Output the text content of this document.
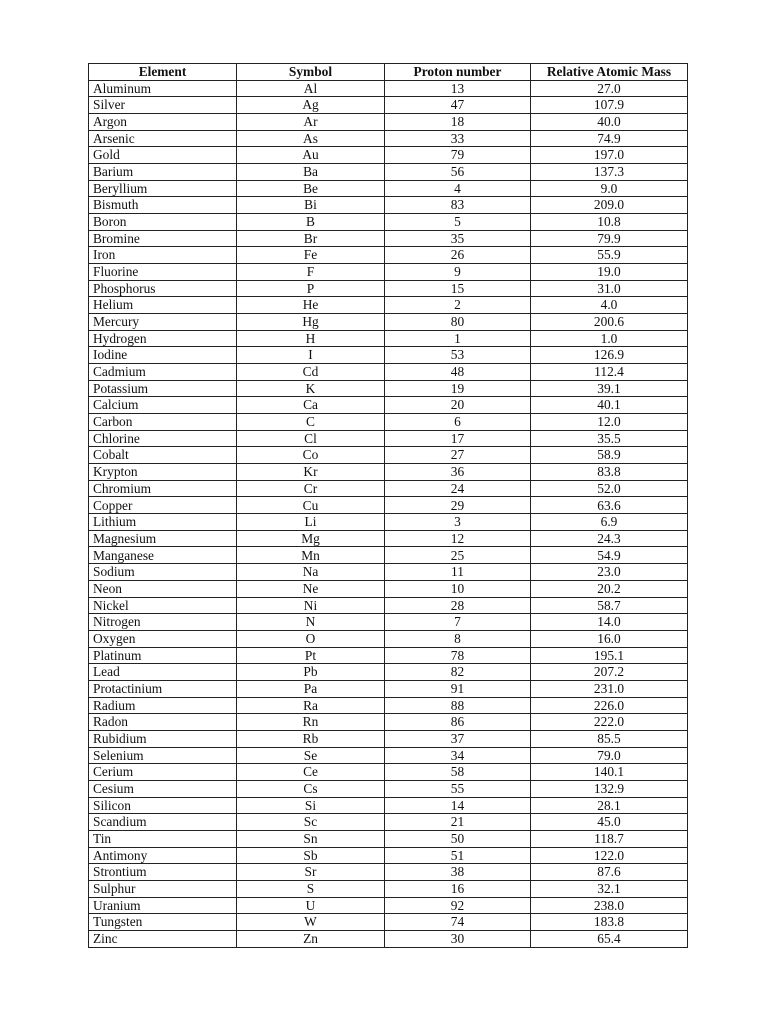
Element	Symbol	Proton number	Relative Atomic Mass
Aluminum	Al	13	27.0
Silver	Ag	47	107.9
Argon	Ar	18	40.0
Arsenic	As	33	74.9
Gold	Au	79	197.0
Barium	Ba	56	137.3
Beryllium	Be	4	9.0
Bismuth	Bi	83	209.0
Boron	B	5	10.8
Bromine	Br	35	79.9
Iron	Fe	26	55.9
Fluorine	F	9	19.0
Phosphorus	P	15	31.0
Helium	He	2	4.0
Mercury	Hg	80	200.6
Hydrogen	H	1	1.0
Iodine	I	53	126.9
Cadmium	Cd	48	112.4
Potassium	K	19	39.1
Calcium	Ca	20	40.1
Carbon	C	6	12.0
Chlorine	Cl	17	35.5
Cobalt	Co	27	58.9
Krypton	Kr	36	83.8
Chromium	Cr	24	52.0
Copper	Cu	29	63.6
Lithium	Li	3	6.9
Magnesium	Mg	12	24.3
Manganese	Mn	25	54.9
Sodium	Na	11	23.0
Neon	Ne	10	20.2
Nickel	Ni	28	58.7
Nitrogen	N	7	14.0
Oxygen	O	8	16.0
Platinum	Pt	78	195.1
Lead	Pb	82	207.2
Protactinium	Pa	91	231.0
Radium	Ra	88	226.0
Radon	Rn	86	222.0
Rubidium	Rb	37	85.5
Selenium	Se	34	79.0
Cerium	Ce	58	140.1
Cesium	Cs	55	132.9
Silicon	Si	14	28.1
Scandium	Sc	21	45.0
Tin	Sn	50	118.7
Antimony	Sb	51	122.0
Strontium	Sr	38	87.6
Sulphur	S	16	32.1
Uranium	U	92	238.0
Tungsten	W	74	183.8
Zinc	Zn	30	65.4
